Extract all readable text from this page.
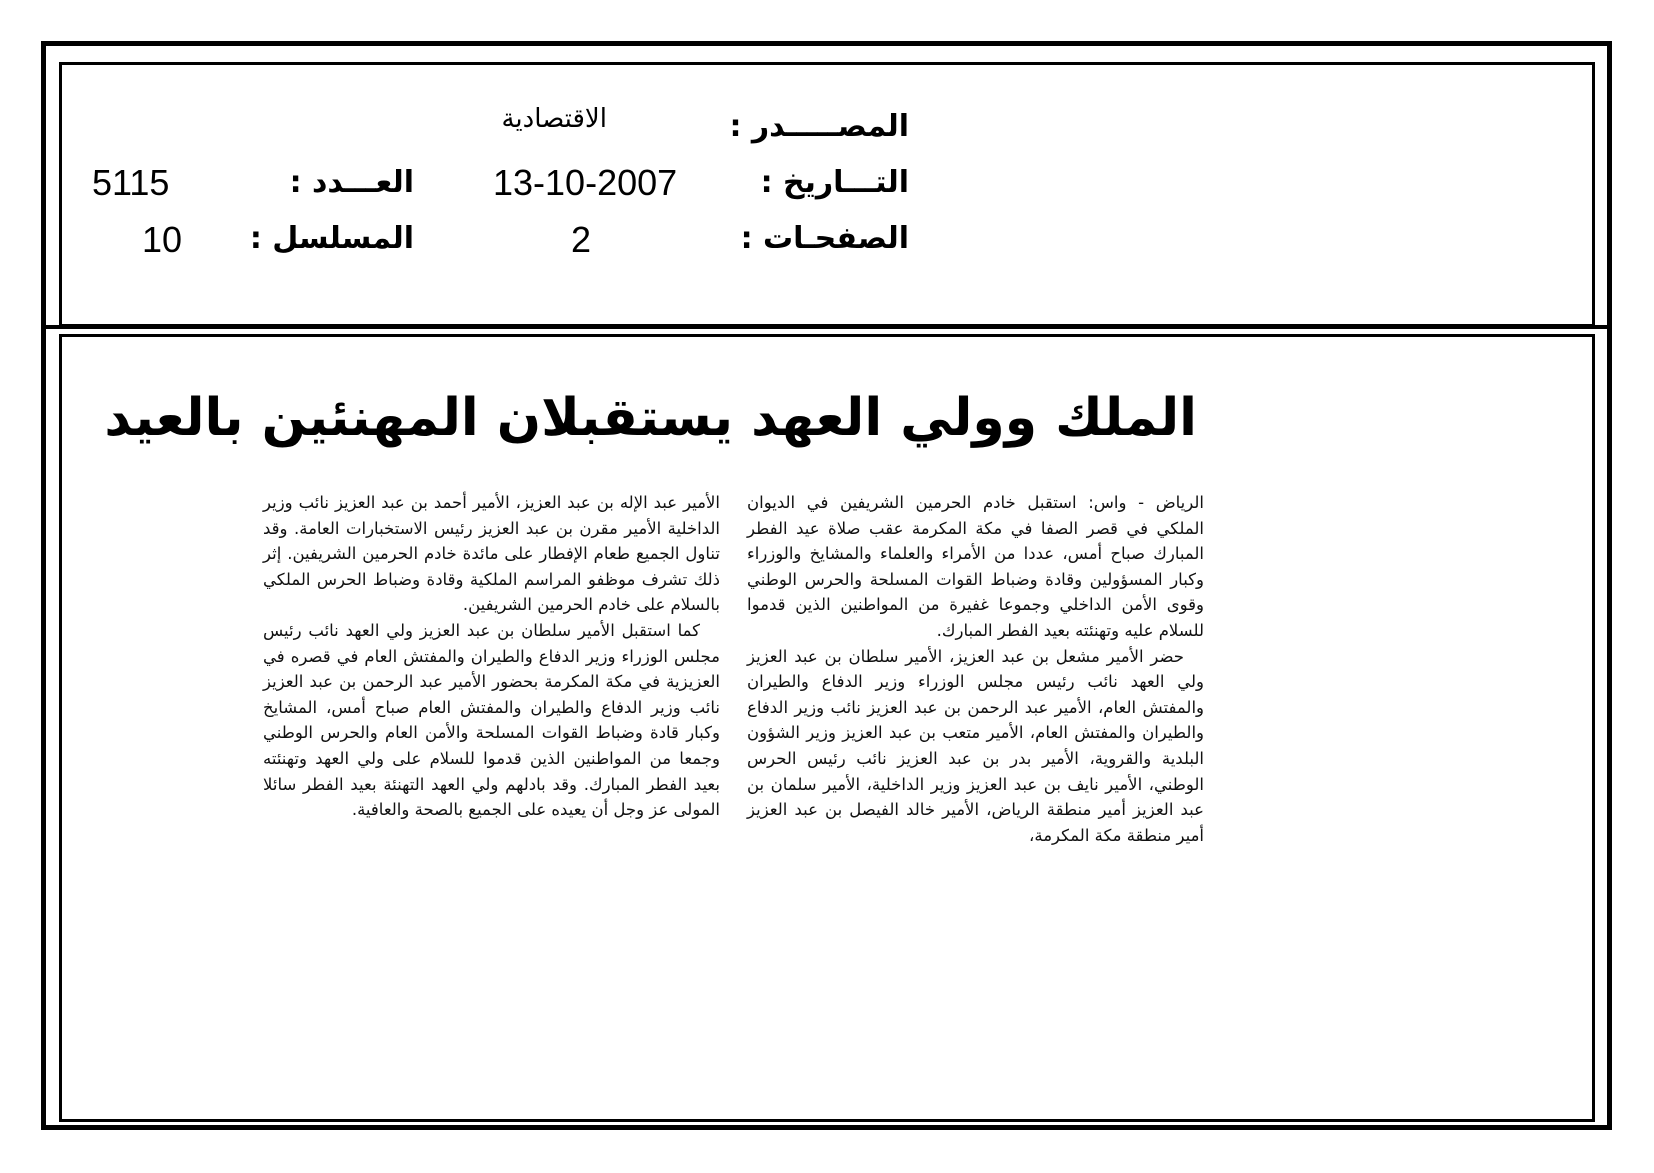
المصـــــدر :
التـــاريخ :
الصفحـات :
الاقتصادية
13-10-2007
2
العـــدد :
المسلسل :
5115
10
الملك وولي العهد يستقبلان المهنئين بالعيد

الرياض - واس: استقبل خادم الحرمين الشريفين في الديوان الملكي في قصر الصفا في مكة المكرمة عقب صلاة عيد الفطر المبارك صباح أمس، عددا من الأمراء والعلماء والمشايخ والوزراء وكبار المسؤولين وقادة وضباط القوات المسلحة والحرس الوطني وقوى الأمن الداخلي وجموعا غفيرة من المواطنين الذين قدموا للسلام عليه وتهنئته بعيد الفطر المبارك.

حضر الأمير مشعل بن عبد العزيز، الأمير سلطان بن عبد العزيز ولي العهد نائب رئيس مجلس الوزراء وزير الدفاع والطيران والمفتش العام، الأمير عبد الرحمن بن عبد العزيز نائب وزير الدفاع والطيران والمفتش العام، الأمير متعب بن عبد العزيز وزير الشؤون البلدية والقروية، الأمير بدر بن عبد العزيز نائب رئيس الحرس الوطني، الأمير نايف بن عبد العزيز وزير الداخلية، الأمير سلمان بن عبد العزيز أمير منطقة الرياض، الأمير خالد الفيصل بن عبد العزيز أمير منطقة مكة المكرمة،

الأمير عبد الإله بن عبد العزيز، الأمير أحمد بن عبد العزيز نائب وزير الداخلية الأمير مقرن بن عبد العزيز رئيس الاستخبارات العامة. وقد تناول الجميع طعام الإفطار على مائدة خادم الحرمين الشريفين. إثر ذلك تشرف موظفو المراسم الملكية وقادة وضباط الحرس الملكي بالسلام على خادم الحرمين الشريفين.

كما استقبل الأمير سلطان بن عبد العزيز ولي العهد نائب رئيس مجلس الوزراء وزير الدفاع والطيران والمفتش العام في قصره في العزيزية في مكة المكرمة بحضور الأمير عبد الرحمن بن عبد العزيز نائب وزير الدفاع والطيران والمفتش العام صباح أمس، المشايخ وكبار قادة وضباط القوات المسلحة والأمن العام والحرس الوطني وجمعا من المواطنين الذين قدموا للسلام على ولي العهد وتهنئته بعيد الفطر المبارك. وقد بادلهم ولي العهد التهنئة بعيد الفطر سائلا المولى عز وجل أن يعيده على الجميع بالصحة والعافية.
